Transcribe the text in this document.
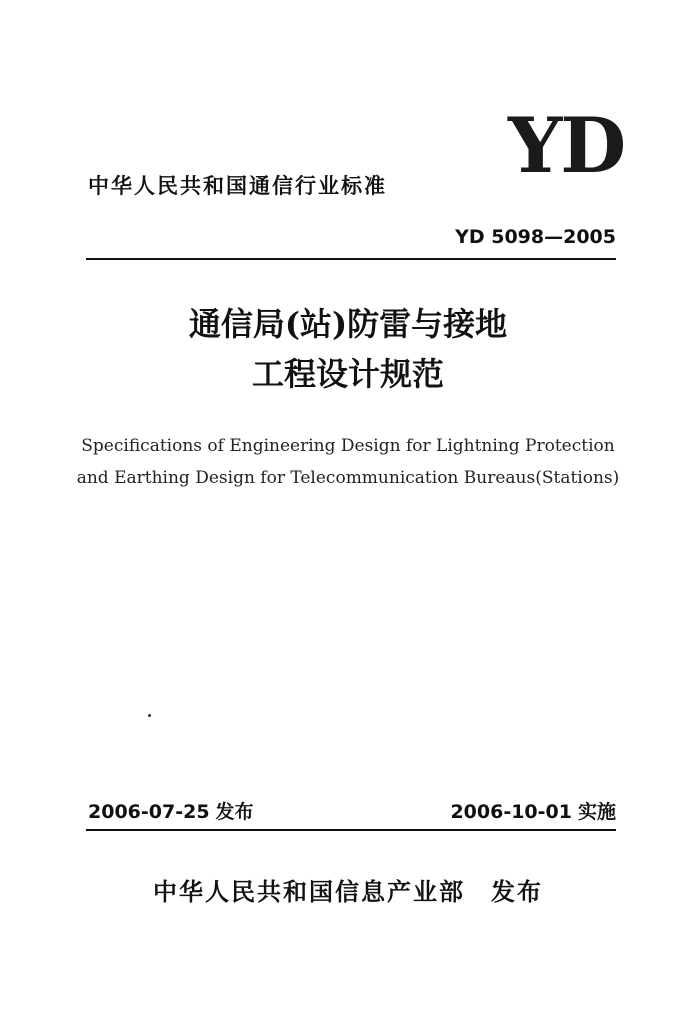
中华人民共和国通信行业标准 YD
YD 5098—2005
通信局(站)防雷与接地
工程设计规范
Specifications of Engineering Design for Lightning Protection
and Earthing Design for Telecommunication Bureaus(Stations)
2006-07-25 发布	2006-10-01 实施
中华人民共和国信息产业部 发布
